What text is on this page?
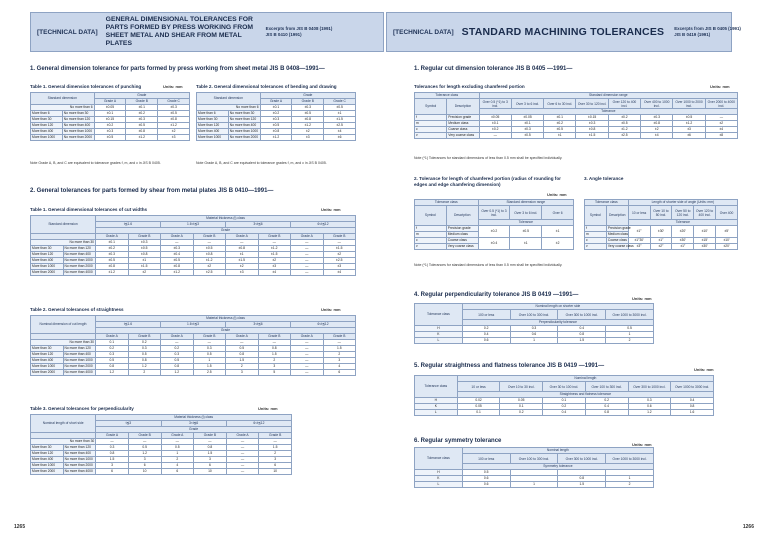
[TECHNICAL DATA]
GENERAL DIMENSIONAL TOLERANCES FOR PARTS FORMED BY PRESS WORKING FROM SHEET METAL AND SHEAR FROM METAL PLATES
Excerpts from JIS B 0408 (1991)
JIS B 0410 (1991)
1. General dimension tolerance for parts formed by press working from sheet metal JIS B 0408—1991—
Table 1. General dimension tolerances of punching	Units: mm
Standard dimension		Grade		
		Grade A	Grade B	Grade C
No more than 6		±0.05	±0.1	±0.3
More than 6	No more than 30	±0.1	±0.2	±0.5
More than 30	No more than 120	±0.15	±0.3	±0.8
More than 120	No more than 400	±0.2	±0.5	±1.2
More than 400	No more than 1000	±0.3	±0.8	±2
More than 1000	No more than 2000	±0.5	±1.2	±3
Table 2. General dimensional tolerances of bending and drawing
Standard dimension		Grade		
		Grade A	Grade B	Grade C
No more than 6		±0.1	±0.3	±0.5
More than 6	No more than 30	±0.2	±0.5	±1
More than 30	No more than 120	±0.3	±0.8	±1.5
More than 120	No more than 400	±0.5	±1.2	±2.5
More than 400	No more than 1000	±0.8	±2	±4
More than 1000	No more than 2000	±1.2	±3	±6
Note Grade A, B, and C are equivalent to tolerance grades f, m, and c in JIS B 0405.	Note Grade A, B, and C are equivalent to tolerance grades f, m, and c in JIS B 0405.
2. General tolerances for parts formed by shear from metal plates JIS B 0410—1991—
Table 1. General dimensional tolerances of cut widths	Units: mm
Standard dimension		Material thickness (t) class							
		t≦1.6		1.6<t≦3		3<t≦6		6<t≦12	
		Grade							
		Grade A	Grade B	Grade A	Grade B	Grade A	Grade B	Grade A	Grade B
No more than 30		±0.1	±0.3	—	—	—	—	—	—
More than 30	No more than 120	±0.2	±0.5	±0.3	±0.5	±0.8	±1.2	—	±1.5
More than 120	No more than 400	±0.3	±0.8	±0.4	±0.8	±1	±1.5	—	±2
More than 400	No more than 1000	±0.5	±1	±0.5	±1.2	±1.5	±2	—	±2.5
More than 1000	No more than 2000	±0.8	±1.5	±0.8	±2	±2	±3	—	±3
More than 2000	No more than 4000	±1.2	±2	±1.2	±2.5	±3	±4	—	±4
Table 2. General tolerances of straightness	Units: mm
Nominal dimension of cut length		Material thickness (t) class							
		t≦1.6		1.6<t≦3		3<t≦6		6<t≦12	
		Grade							
		Grade A	Grade B	Grade A	Grade B	Grade A	Grade B	Grade A	Grade B
No more than 30		0.1	0.2	—	—	—	—	—	—
More than 30	No more than 120	0.2	0.3	0.2	0.3	0.5	0.8	—	1.5
More than 120	No more than 400	0.3	0.5	0.3	0.5	0.8	1.5	—	2
More than 400	No more than 1000	0.5	0.8	0.5	1	1.5	2	—	3
More than 1000	No more than 2000	0.8	1.2	0.8	1.5	2	3	—	4
More than 2000	No more than 4000	1.2	2	1.2	2.5	3	5	—	6
Table 3. General tolerances for perpendicularity	Units: mm
Nominal length of short side		Material thickness (t) class					
		t≦3		3<t≦6		6<t≦12	
		Grade					
		Grade A	Grade B	Grade A	Grade B	Grade A	Grade B
No more than 30		—	—	—	—	—	—
More than 30	No more than 120	0.3	0.5	0.5	0.8	—	1.5
More than 120	No more than 400	0.8	1.2	1	1.5	—	2
More than 400	No more than 1000	1.5	3	2	3	—	3
More than 1000	No more than 2000	3	6	4	6	—	6
More than 2000	No more than 4000	6	10	6	10	—	10
1265
[TECHNICAL DATA] STANDARD MACHINING TOLERANCES Excerpts from JIS B 0405 (1991)
JIS B 0419 (1991)
1. Regular cut dimension tolerance JIS B 0405 —1991—
Tolerances for length excluding chamfered portion	Units: mm
Tolerance class		Standard dimension range							
Symbol	Description	Over 0.5 (*1) to 3 incl.	Over 3 to 6 incl.	Over 6 to 30 incl.	Over 30 to 120 incl.	Over 120 to 400 incl.	Over 400 to 1000 incl.	Over 1000 to 2000 incl.	Over 2000 to 4000 incl.
		Tolerance							
f	Precision grade	±0.05	±0.05	±0.1	±0.15	±0.2	±0.3	±0.5	—
m	Medium class	±0.1	±0.1	±0.2	±0.3	±0.5	±0.8	±1.2	±2
c	Coarse class	±0.2	±0.3	±0.5	±0.8	±1.2	±2	±3	±4
v	Very coarse class	—	±0.5	±1	±1.5	±2.5	±4	±6	±8
Note (*1) Tolerances for standard dimensions of less than 0.5 mm shall be specified individually.
2. Tolerance for length of chamfered portion (radius of rounding for edges and edge chamfering dimension)
Units: mm
Tolerance class		Standard dimension range		
Symbol	Description	Over 0.5 (*1) to 3 incl.	Over 3 to 6 incl.	Over 6
		Tolerance		
f	Precision grade	±0.2	±0.5	±1
m	Medium class			
c	Coarse class	±0.4	±1	±2
v	Very coarse class			
Note (*1) Tolerances for standard dimensions of less than 0.5 mm shall be specified individually.
3. Angle tolerance
Tolerance class		Length of shorter side of angle (Units: mm)				
Symbol	Description	10 or less	Over 10 to 50 incl.	Over 50 to 120 incl.	Over 120 to 400 incl.	Over 400
		Tolerance				
f	Precision grade	±1°	±30′	±20′	±10′	±5′
m	Medium class					
c	Coarse class	±1°30′	±1°	±30′	±15′	±10′
v	Very coarse class	±3°	±2°	±1°	±30′	±20′
4. Regular perpendicularity tolerance JIS B 0419 —1991—
Units: mm
Tolerance class	Nominal length on shorter side			
	100 or less	Over 100 to 300 incl.	Over 300 to 1000 incl.	Over 1000 to 3000 incl.
	Perpendicularity tolerance			
H	0.2	0.3	0.4	0.5
K	0.4	0.6	0.8	1
L	0.6	1	1.5	2
5. Regular straightness and flatness tolerance JIS B 0419 —1991—
Units: mm
Tolerance class	Nominal length					
	10 or less	Over 10 to 30 incl.	Over 30 to 100 incl.	Over 100 to 300 incl.	Over 300 to 1000 incl.	Over 1000 to 3000 incl.
	Straightness and flatness tolerance					
H	0.02	0.05	0.1	0.2	0.3	0.4
K	0.05	0.1	0.2	0.4	0.6	0.8
L	0.1	0.2	0.4	0.8	1.2	1.6
6. Regular symmetry tolerance
Units: mm
Tolerance class	Nominal length			
	100 or less	Over 100 to 300 incl.	Over 300 to 1000 incl.	Over 1000 to 3000 incl.
	Symmetry tolerance			
H	0.5			
K	0.6		0.8	1
L	0.6	1	1.5	2
1266
